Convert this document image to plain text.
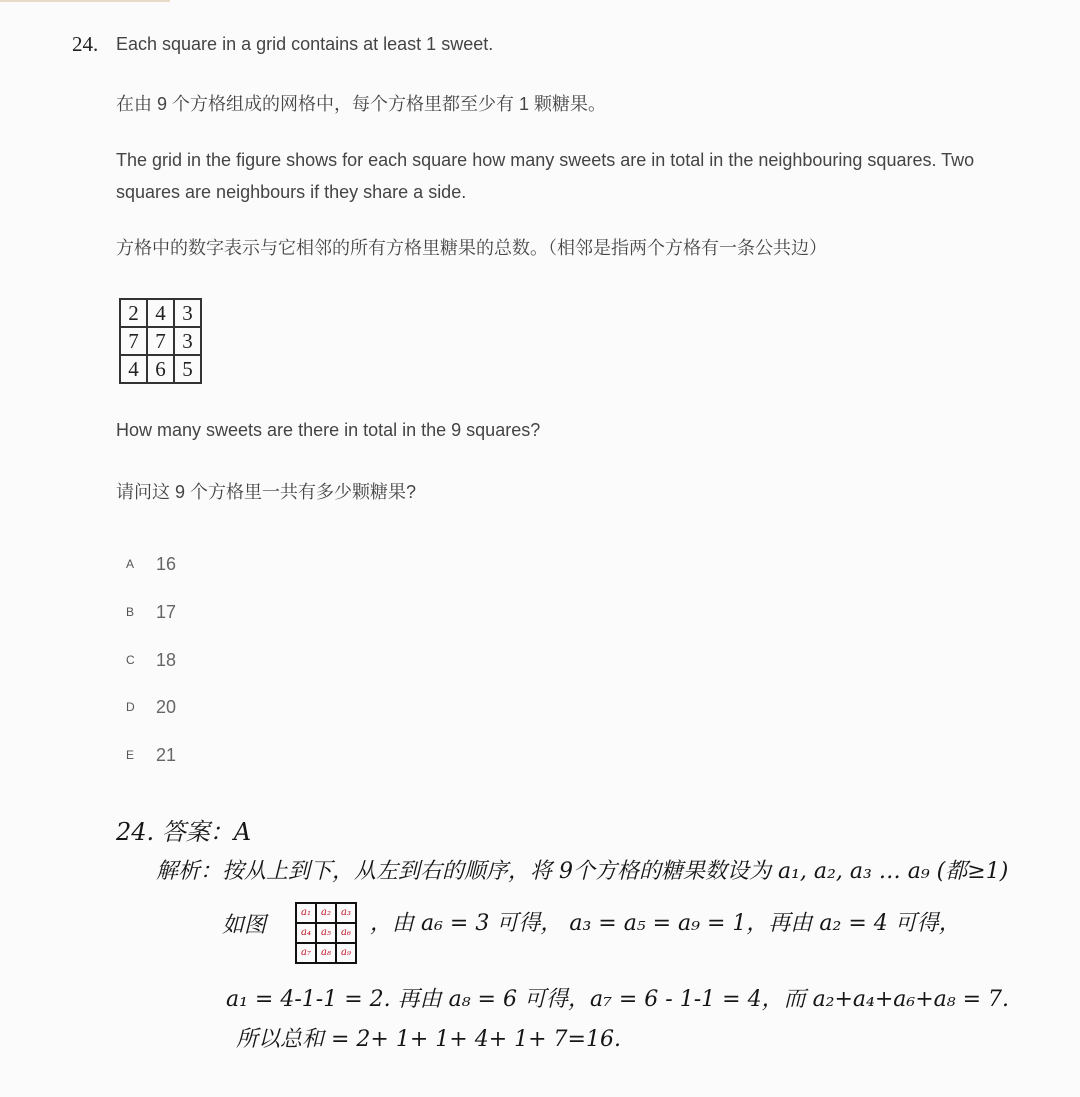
24. Each square in a grid contains at least 1 sweet.
在由 9 个方格组成的网格中，每个方格里都至少有 1 颗糖果。
The grid in the figure shows for each square how many sweets are in total in the neighbouring squares. Two squares are neighbours if they share a side.
方格中的数字表示与它相邻的所有方格里糖果的总数。（相邻是指两个方格有一条公共边）
2	4	3
7	7	3
4	6	5
How many sweets are there in total in the 9 squares?
请问这 9 个方格里一共有多少颗糖果?
A	16
B	17
C	18
D	20
E	21
24. 答案：A
解析：按从上到下，从左到右的顺序，将 9个方格的糖果数设为 a₁, a₂, a₃ … a₉ (都≥1)
如图
a₁	a₂	a₃
a₄	a₅	a₆
a₇	a₈	a₉
，由 a₆ = 3 可得， a₃ = a₅ = a₉ = 1，再由 a₂ = 4 可得，
a₁ = 4-1-1 = 2. 再由 a₈ = 6 可得，a₇ = 6 - 1-1 = 4，而 a₂+a₄+a₆+a₈ = 7.
所以总和 = 2+ 1+ 1+ 4+ 1+ 7=16.
